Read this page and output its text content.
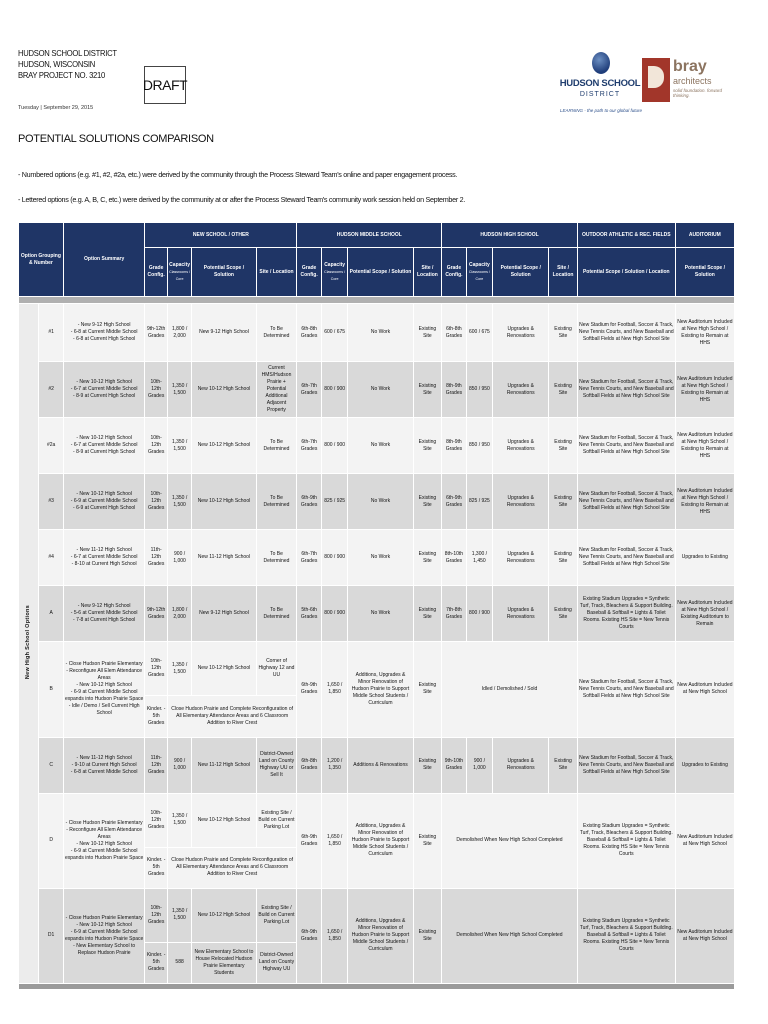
HUDSON SCHOOL DISTRICT
HUDSON, WISCONSIN
BRAY PROJECT NO. 3210
Tuesday | September 29, 2015
DRAFT	HUDSON SCHOOL
DISTRICT
LEARNING - the path to our global future
bray
architects
solid foundation. forward thinking.
POTENTIAL SOLUTIONS COMPARISON
- Numbered options (e.g. #1, #2, #2a, etc.) were derived by the community through the Process Steward Team's online and paper engagement process.
- Lettered options (e.g. A, B, C, etc.) were derived by the community at or after the Process Steward Team's community work session held on September 2.
Option Grouping & Number		Option Summary	NEW SCHOOL / OTHER				HUDSON MIDDLE SCHOOL				HUDSON HIGH SCHOOL				OUTDOOR ATHLETIC & REC. FIELDS	AUDITORIUM
			Grade Config.	Capacity
Classrooms / Core	Potential Scope / Solution	Site / Location	Grade Config.	Capacity
Classrooms / Core	Potential Scope / Solution	Site / Location	Grade Config.	Capacity
Classrooms / Core	Potential Scope / Solution	Site / Location	Potential Scope / Solution / Location	Potential Scope / Solution

New High School Options	#1	- New 9-12 High School
- 6-8 at Current Middle School
- 6-8 at Current High School	9th-12th Grades	1,800 / 2,000	New 9-12 High School	To Be Determined	6th-8th Grades	600 / 675	No Work	Existing Site	6th-8th Grades	600 / 675	Upgrades & Renovations	Existing Site	New Stadium for Football, Soccer & Track, New Tennis Courts, and New Baseball and Softball Fields at New High School Site	New Auditorium Included at New High School / Existing to Remain at HHS
	#2	- New 10-12 High School
- 6-7 at Current Middle School
- 8-9 at Current High School	10th-12th Grades	1,350 / 1,500	New 10-12 High School	Current HMS/Hudson Prairie + Potential Additional Adjacent Property	6th-7th Grades	800 / 900	No Work	Existing Site	8th-9th Grades	850 / 950	Upgrades & Renovations	Existing Site	New Stadium for Football, Soccer & Track, New Tennis Courts, and New Baseball and Softball Fields at New High School Site	New Auditorium Included at New High School / Existing to Remain at HHS
	#2a	- New 10-12 High School
- 6-7 at Current Middle School
- 8-9 at Current High School	10th-12th Grades	1,350 / 1,500	New 10-12 High School	To Be Determined	6th-7th Grades	800 / 900	No Work	Existing Site	8th-9th Grades	850 / 950	Upgrades & Renovations	Existing Site	New Stadium for Football, Soccer & Track, New Tennis Courts, and New Baseball and Softball Fields at New High School Site	New Auditorium Included at New High School / Existing to Remain at HHS
	#3	- New 10-12 High School
- 6-9 at Current Middle School
- 6-9 at Current High School	10th-12th Grades	1,350 / 1,500	New 10-12 High School	To Be Determined	6th-9th Grades	825 / 925	No Work	Existing Site	6th-9th Grades	825 / 925	Upgrades & Renovations	Existing Site	New Stadium for Football, Soccer & Track, New Tennis Courts, and New Baseball and Softball Fields at New High School Site	New Auditorium Included at New High School / Existing to Remain at HHS
	#4	- New 11-12 High School
- 6-7 at Current Middle School
- 8-10 at Current High School	11th-12th Grades	900 / 1,000	New 11-12 High School	To Be Determined	6th-7th Grades	800 / 900	No Work	Existing Site	8th-10th Grades	1,300 / 1,450	Upgrades & Renovations	Existing Site	New Stadium for Football, Soccer & Track, New Tennis Courts, and New Baseball and Softball Fields at New High School Site	Upgrades to Existing
	A	- New 9-12 High School
- 5-6 at Current Middle School
- 7-8 at Current High School	9th-12th Grades	1,800 / 2,000	New 9-12 High School	To Be Determined	5th-6th Grades	800 / 900	No Work	Existing Site	7th-8th Grades	800 / 900	Upgrades & Renovations	Existing Site	Existing Stadium Upgrades = Synthetic Turf, Track, Bleachers & Support Building. Baseball & Softball = Lights & Toilet Rooms. Existing HS Site = New Tennis Courts	New Auditorium Included at New High School / Existing Auditorium to Remain
	B	- Close Hudson Prairie Elementary
- Reconfigure All Elem Attendance Areas
- New 10-12 High School
- 6-9 at Current Middle School expands into Hudson Prairie Space
- Idle / Demo / Sell Current High School	10th-12th Grades	1,350 / 1,500	New 10-12 High School	Corner of Highway 12 and UU	6th-9th Grades	1,650 / 1,850	Additions, Upgrades & Minor Renovation of Hudson Prairie to Support Middle School Students / Curriculum	Existing Site	Idled / Demolished / Sold				New Stadium for Football, Soccer & Track, New Tennis Courts, and New Baseball and Softball Fields at New High School Site	New Auditorium Included at New High School
			Kinder. - 5th Grades	Close Hudson Prairie and Complete Reconfiguration of All Elementary Attendance Areas and 6 Classroom Addition to River Crest												
	C	- New 11-12 High School
- 9-10 at Current High School
- 6-8 at Current Middle School	11th-12th Grades	900 / 1,000	New 11-12 High School	District-Owned Land on County Highway UU or Sell It	6th-8th Grades	1,200 / 1,350	Additions & Renovations	Existing Site	9th-10th Grades	900 / 1,000	Upgrades & Renovations	Existing Site	New Stadium for Football, Soccer & Track, New Tennis Courts, and New Baseball and Softball Fields at New High School Site	Upgrades to Existing
	D	- Close Hudson Prairie Elementary
- Reconfigure All Elem Attendance Areas
- New 10-12 High School
- 6-9 at Current Middle School expands into Hudson Prairie Space	10th-12th Grades	1,350 / 1,500	New 10-12 High School	Existing Site / Build on Current Parking Lot	6th-9th Grades	1,650 / 1,850	Additions, Upgrades & Minor Renovation of Hudson Prairie to Support Middle School Students / Curriculum	Existing Site	Demolished When New High School Completed				Existing Stadium Upgrades = Synthetic Turf, Track, Bleachers & Support Building. Baseball & Softball = Lights & Toilet Rooms. Existing HS Site = New Tennis Courts	New Auditorium Included at New High School
			Kinder. - 5th Grades	Close Hudson Prairie and Complete Reconfiguration of All Elementary Attendance Areas and 6 Classroom Addition to River Crest												
	D1	- Close Hudson Prairie Elementary
- New 10-12 High School
- 6-9 at Current Middle School expands into Hudson Prairie Space
- New Elementary School to Replace Hudson Prairie	10th-12th Grades	1,350 / 1,500	New 10-12 High School	Existing Site / Build on Current Parking Lot	6th-9th Grades	1,650 / 1,850	Additions, Upgrades & Minor Renovation of Hudson Prairie to Support Middle School Students / Curriculum	Existing Site	Demolished When New High School Completed				Existing Stadium Upgrades = Synthetic Turf, Track, Bleachers & Support Building. Baseball & Softball = Lights & Toilet Rooms. Existing HS Site = New Tennis Courts	New Auditorium Included at New High School
			Kinder. - 5th Grades	588	New Elementary School to House Relocated Hudson Prairie Elementary Students	District-Owned Land on County Highway UU										
